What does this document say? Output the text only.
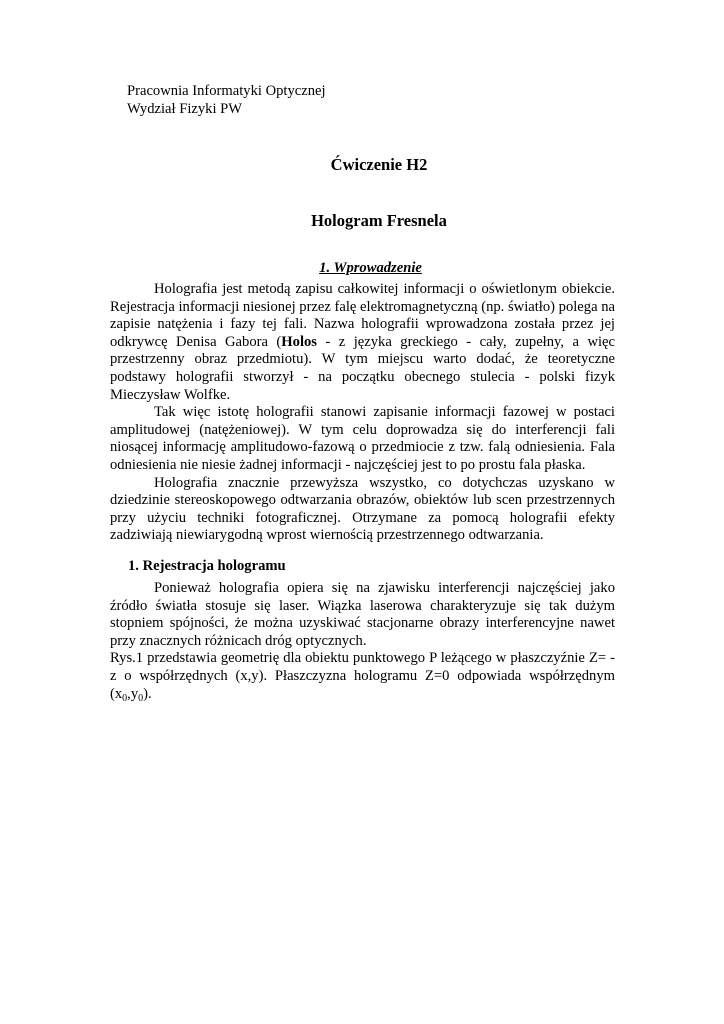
Pracownia Informatyki Optycznej
Wydział Fizyki PW
Ćwiczenie H2
Hologram Fresnela
1. Wprowadzenie

Holografia jest metodą zapisu całkowitej informacji o oświetlonym obiekcie. Rejestracja informacji niesionej przez falę elektromagnetyczną (np. światło) polega na zapisie natężenia i fazy tej fali. Nazwa holografii wprowadzona została przez jej odkrywcę Denisa Gabora (Holos - z języka greckiego - cały, zupełny, a więc przestrzenny obraz przedmiotu). W tym miejscu warto dodać, że teoretyczne podstawy holografii stworzył - na początku obecnego stulecia - polski fizyk Mieczysław Wolfke.

Tak więc istotę holografii stanowi zapisanie informacji fazowej w postaci amplitudowej (natężeniowej). W tym celu doprowadza się do interferencji fali niosącej informację amplitudowo-fazową o przedmiocie z tzw. falą odniesienia. Fala odniesienia nie niesie żadnej informacji - najczęściej jest to po prostu fala płaska.

Holografia znacznie przewyższa wszystko, co dotychczas uzyskano w dziedzinie stereoskopowego odtwarzania obrazów, obiektów lub scen przestrzennych przy użyciu techniki fotograficznej. Otrzymane za pomocą holografii efekty zadziwiają niewiarygodną wprost wiernością przestrzennego odtwarzania.

1. Rejestracja hologramu

Ponieważ holografia opiera się na zjawisku interferencji najczęściej jako źródło światła stosuje się laser. Wiązka laserowa charakteryzuje się tak dużym stopniem spójności, że można uzyskiwać stacjonarne obrazy interferencyjne nawet przy znacznych różnicach dróg optycznych.

Rys.1 przedstawia geometrię dla obiektu punktowego P leżącego w płaszczyźnie Z= -z o współrzędnych (x,y). Płaszczyzna hologramu Z=0 odpowiada współrzędnym $(x_0,y_0)$.
